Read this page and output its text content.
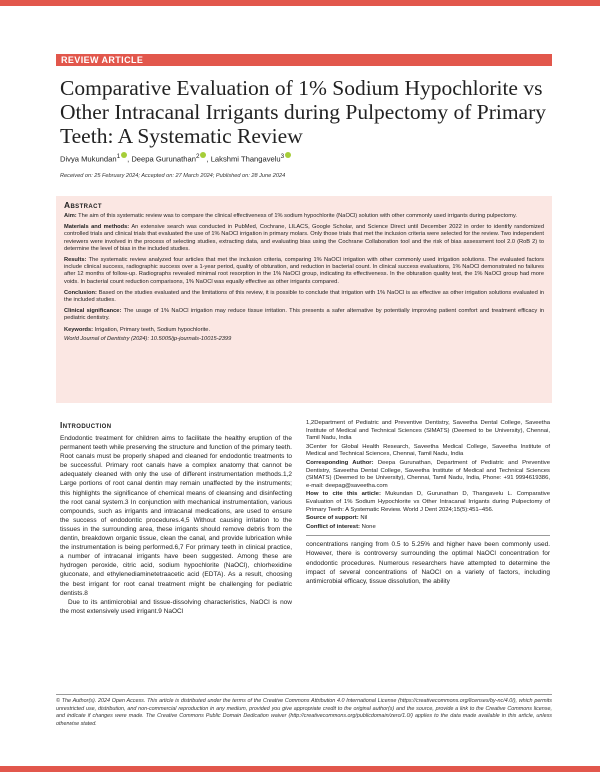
REVIEW ARTICLE
Comparative Evaluation of 1% Sodium Hypochlorite vs Other Intracanal Irrigants during Pulpectomy of Primary Teeth: A Systematic Review
Divya Mukundan$^1$ , Deepa Gurunathan$^2$ , Lakshmi Thangavelu$^3$
Received on: 25 February 2024; Accepted on: 27 March 2024; Published on: 28 June 2024
Abstract

Aim: The aim of this systematic review was to compare the clinical effectiveness of 1% sodium hypochlorite (NaOCl) solution with other commonly used irrigants during pulpectomy.

Materials and methods: An extensive search was conducted in PubMed, Cochrane, LILACS, Google Scholar, and Science Direct until December 2022 in order to identify randomized controlled trials and clinical trials that evaluated the use of 1% NaOCl irrigation in primary molars. Only those trials that met the inclusion criteria were selected for the review. Two independent reviewers were involved in the process of selecting studies, extracting data, and evaluating bias using the Cochrane Collaboration tool and the risk of bias assessment tool 2.0 (RoB 2) to determine the level of bias in the included studies.

Results: The systematic review analyzed four articles that met the inclusion criteria, comparing 1% NaOCl irrigation with other commonly used irrigation solutions. The evaluated factors include clinical success, radiographic success over a 1-year period, quality of obturation, and reduction in bacterial count. In clinical success evaluations, 1% NaOCl demonstrated no failures after 12 months of follow-up. Radiographs revealed minimal root resorption in the 1% NaOCl group, indicating its effectiveness. In the obturation quality test, the 1% NaOCl group had more voids. In bacterial count reduction comparisons, 1% NaOCl was equally effective as other irrigants compared.

Conclusion: Based on the studies evaluated and the limitations of this review, it is possible to conclude that irrigation with 1% NaOCl is as effective as other irrigation solutions evaluated in the included studies.

Clinical significance: The usage of 1% NaOCl irrigation may reduce tissue irritation. This presents a safer alternative by potentially improving patient comfort and treatment efficacy in pediatric dentistry.

Keywords: Irrigation, Primary teeth, Sodium hypochlorite.

World Journal of Dentistry (2024): 10.5005/jp-journals-10015-2399

Introduction

Endodontic treatment for children aims to facilitate the healthy eruption of the permanent teeth while preserving the structure and function of the primary teeth. Root canals must be properly shaped and cleaned for endodontic treatments to be successful. Primary root canals have a complex anatomy that cannot be adequately cleaned with only the use of different instrumentation methods.1,2 Large portions of root canal dentin may remain unaffected by the instruments; this highlights the significance of chemical means of cleansing and disinfecting the root canal system.3 In conjunction with mechanical instrumentation, various compounds, such as irrigants and intracanal medications, are used to ensure the success of endodontic procedures.4,5 Without causing irritation to the tissues in the surrounding area, these irrigants should remove debris from the dentin, breakdown organic tissue, clean the canal, and provide lubrication while the instrumentation is being performed.6,7 For primary teeth in clinical practice, a number of intracanal irrigants have been suggested. Among these are hydrogen peroxide, citric acid, sodium hypochlorite (NaOCl), chlorhexidine gluconate, and ethylenediaminetetraacetic acid (EDTA). As a result, choosing the best irrigant for root canal treatment might be challenging for pediatric dentists.8

Due to its antimicrobial and tissue-dissolving characteristics, NaOCl is now the most extensively used irrigant.9 NaOCl

1,2Department of Pediatric and Preventive Dentistry, Saveetha Dental College, Saveetha Institute of Medical and Technical Sciences (SIMATS) (Deemed to be University), Chennai, Tamil Nadu, India

3Center for Global Health Research, Saveetha Medical College, Saveetha Institute of Medical and Technical Sciences, Chennai, Tamil Nadu, India

Corresponding Author: Deepa Gurunathan, Department of Pediatric and Preventive Dentistry, Saveetha Dental College, Saveetha Institute of Medical and Technical Sciences (SIMATS) (Deemed to be University), Chennai, Tamil Nadu, India, Phone: +91 9994619386, e-mail: deepag@saveetha.com

How to cite this article: Mukundan D, Gurunathan D, Thangavelu L. Comparative Evaluation of 1% Sodium Hypochlorite vs Other Intracanal Irrigants during Pulpectomy of Primary Teeth: A Systematic Review. World J Dent 2024;15(5):451–456.

Source of support: Nil

Conflict of interest: None

concentrations ranging from 0.5 to 5.25% and higher have been commonly used. However, there is controversy surrounding the optimal NaOCl concentration for endodontic procedures. Numerous researchers have attempted to determine the impact of several concentrations of NaOCl on a variety of factors, including antimicrobial efficacy, tissue dissolution, the ability

© The Author(s). 2024 Open Access. This article is distributed under the terms of the Creative Commons Attribution 4.0 International License (https://creativecommons.org/licenses/by-nc/4.0/), which permits unrestricted use, distribution, and non-commercial reproduction in any medium, provided you give appropriate credit to the original author(s) and the source, provide a link to the Creative Commons license, and indicate if changes were made. The Creative Commons Public Domain Dedication waiver (http://creativecommons.org/publicdomain/zero/1.0/) applies to the data made available in this article, unless otherwise stated.
